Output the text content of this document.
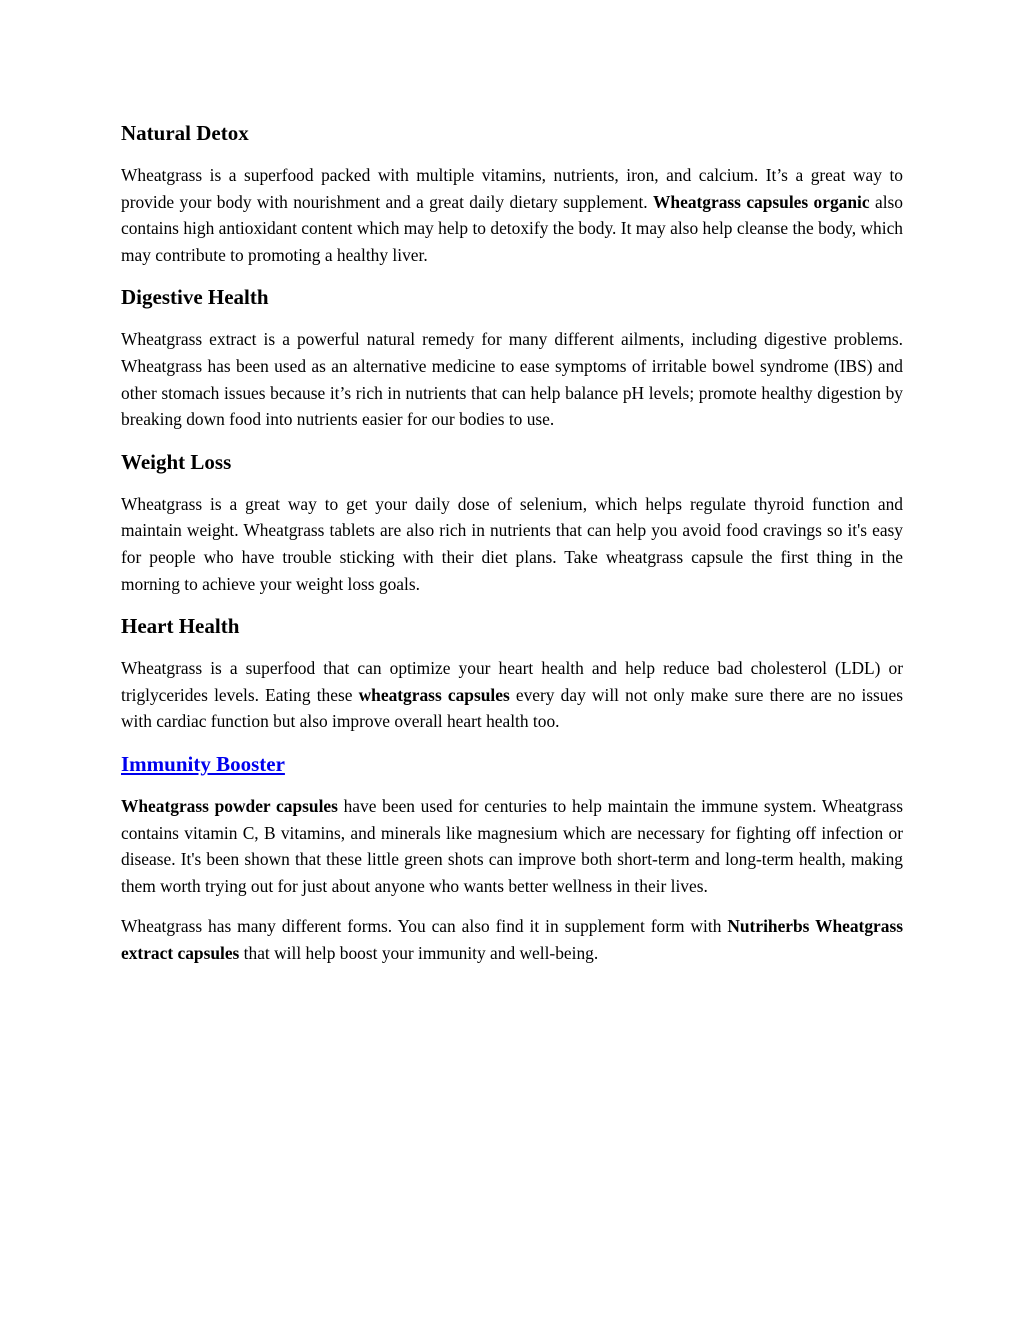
Natural Detox

Wheatgrass is a superfood packed with multiple vitamins, nutrients, iron, and calcium. It’s a great way to provide your body with nourishment and a great daily dietary supplement. Wheatgrass capsules organic also contains high antioxidant content which may help to detoxify the body. It may also help cleanse the body, which may contribute to promoting a healthy liver.

Digestive Health

Wheatgrass extract is a powerful natural remedy for many different ailments, including digestive problems. Wheatgrass has been used as an alternative medicine to ease symptoms of irritable bowel syndrome (IBS) and other stomach issues because it’s rich in nutrients that can help balance pH levels; promote healthy digestion by breaking down food into nutrients easier for our bodies to use.

Weight Loss

Wheatgrass is a great way to get your daily dose of selenium, which helps regulate thyroid function and maintain weight. Wheatgrass tablets are also rich in nutrients that can help you avoid food cravings so it's easy for people who have trouble sticking with their diet plans. Take wheatgrass capsule the first thing in the morning to achieve your weight loss goals.

Heart Health

Wheatgrass is a superfood that can optimize your heart health and help reduce bad cholesterol (LDL) or triglycerides levels. Eating these wheatgrass capsules every day will not only make sure there are no issues with cardiac function but also improve overall heart health too.

Immunity Booster

Wheatgrass powder capsules have been used for centuries to help maintain the immune system. Wheatgrass contains vitamin C, B vitamins, and minerals like magnesium which are necessary for fighting off infection or disease. It's been shown that these little green shots can improve both short-term and long-term health, making them worth trying out for just about anyone who wants better wellness in their lives.

Wheatgrass has many different forms. You can also find it in supplement form with Nutriherbs Wheatgrass extract capsules that will help boost your immunity and well-being.
